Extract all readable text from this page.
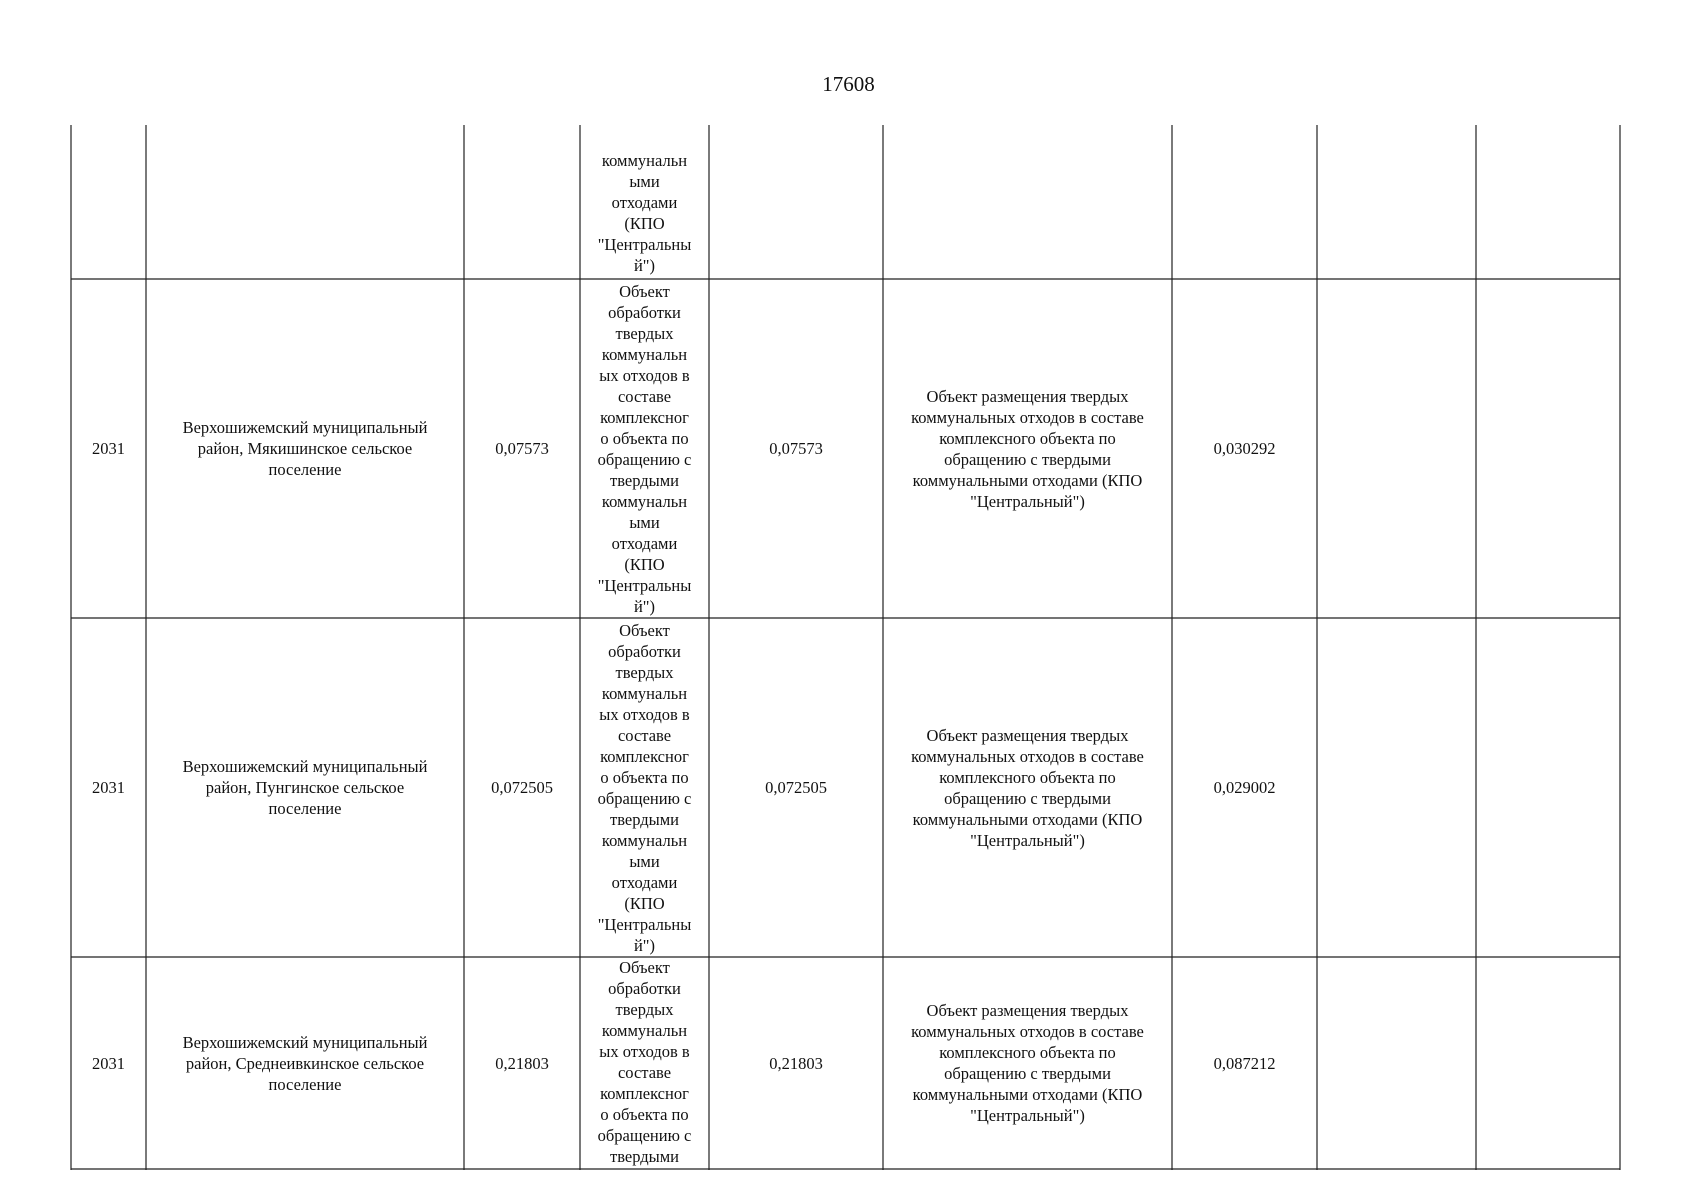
17608
коммунальн
ыми
отходами
(КПО
"Центральны
й")
2031
Верхошижемский муниципальный
район, Мякишинское сельское
поселение
0,07573
Объект
обработки
твердых
коммунальн
ых отходов в
составе
комплексног
о объекта по
обращению с
твердыми
коммунальн
ыми
отходами
(КПО
"Центральны
й")
0,07573
Объект размещения твердых
коммунальных отходов в составе
комплексного объекта по
обращению с твердыми
коммунальными отходами (КПО
"Центральный")
0,030292
2031
Верхошижемский муниципальный
район, Пунгинское сельское
поселение
0,072505
Объект
обработки
твердых
коммунальн
ых отходов в
составе
комплексног
о объекта по
обращению с
твердыми
коммунальн
ыми
отходами
(КПО
"Центральны
й")
0,072505
Объект размещения твердых
коммунальных отходов в составе
комплексного объекта по
обращению с твердыми
коммунальными отходами (КПО
"Центральный")
0,029002
2031
Верхошижемский муниципальный
район, Среднеивкинское сельское
поселение
0,21803
Объект
обработки
твердых
коммунальн
ых отходов в
составе
комплексног
о объекта по
обращению с
твердыми
0,21803
Объект размещения твердых
коммунальных отходов в составе
комплексного объекта по
обращению с твердыми
коммунальными отходами (КПО
"Центральный")
0,087212
